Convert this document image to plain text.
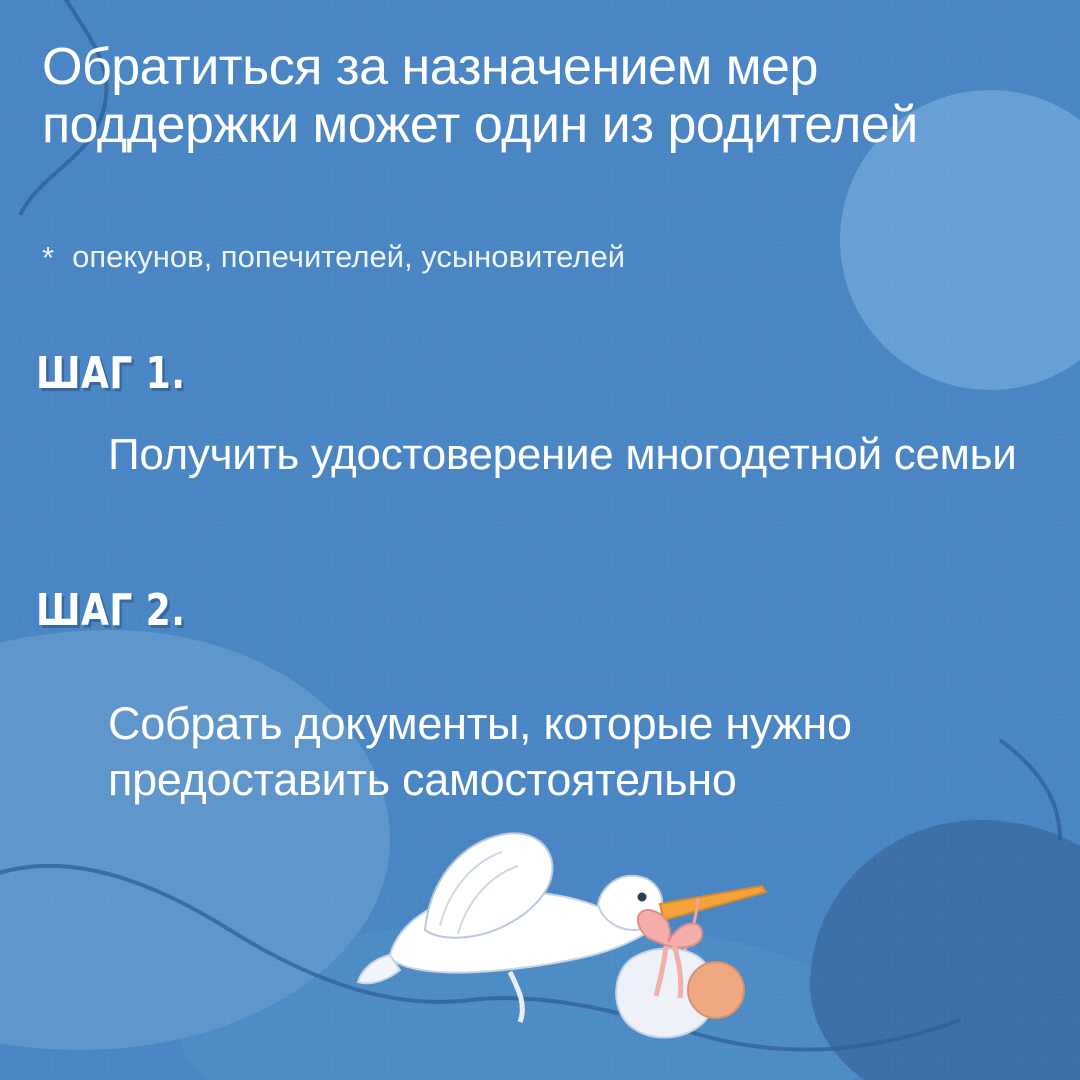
Обратиться за назначением мер поддержки может один из родителей
* опекунов, попечителей, усыновителей
ШАГ 1.
Получить удостоверение многодетной семьи
ШАГ 2.
Собрать документы, которые нужно предоставить самостоятельно
